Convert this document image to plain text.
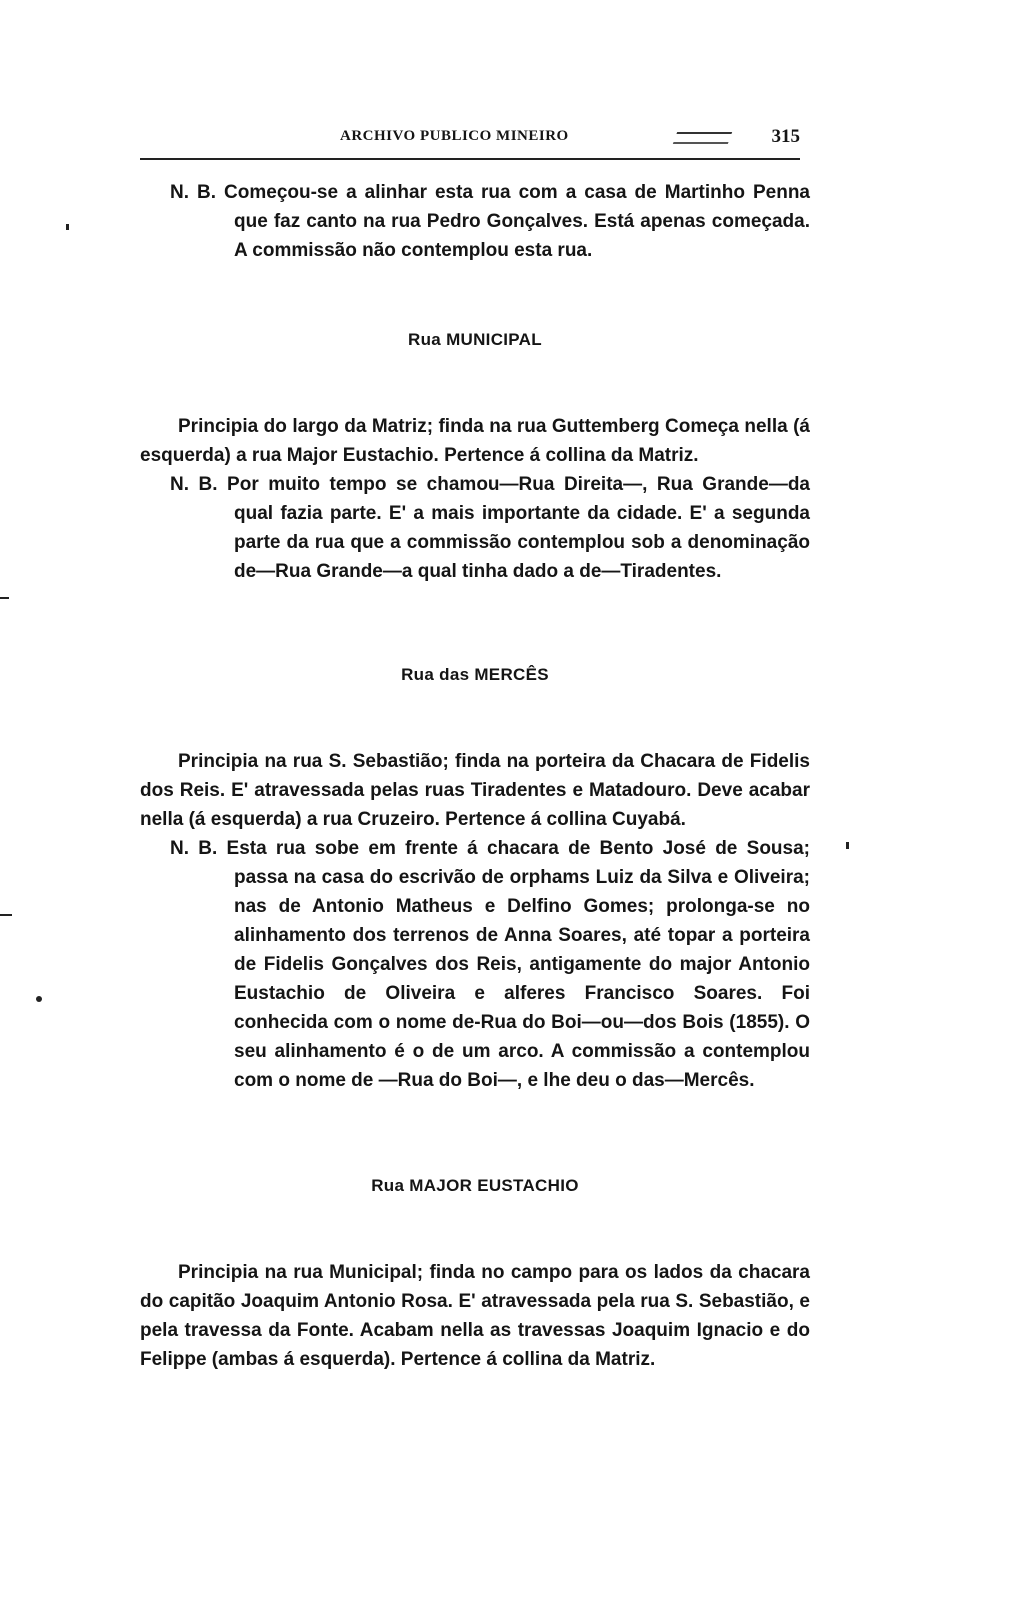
ARCHIVO PUBLICO MINEIRO	315

N. B. Começou-se a alinhar esta rua com a casa de Martinho Penna que faz canto na rua Pedro Gonçalves. Está apenas começada. A commissão não contemplou esta rua.

Rua MUNICIPAL

Principia do largo da Matriz; finda na rua Guttemberg Começa nella (á esquerda) a rua Major Eustachio. Pertence á collina da Matriz.

N. B. Por muito tempo se chamou—Rua Direita—, Rua Grande—da qual fazia parte. E' a mais importante da cidade. E' a segunda parte da rua que a commissão contemplou sob a denominação de—Rua Grande—a qual tinha dado a de—Tiradentes.

Rua das MERCÊS

Principia na rua S. Sebastião; finda na porteira da Chacara de Fidelis dos Reis. E' atravessada pelas ruas Tiradentes e Matadouro. Deve acabar nella (á esquerda) a rua Cruzeiro. Pertence á collina Cuyabá.

N. B. Esta rua sobe em frente á chacara de Bento José de Sousa; passa na casa do escrivão de orphams Luiz da Silva e Oliveira; nas de Antonio Matheus e Delfino Gomes; prolonga-se no alinhamento dos terrenos de Anna Soares, até topar a porteira de Fidelis Gonçalves dos Reis, antigamente do major Antonio Eustachio de Oliveira e alferes Francisco Soares. Foi conhecida com o nome de-Rua do Boi—ou—dos Bois (1855). O seu alinhamento é o de um arco. A commissão a contemplou com o nome de —Rua do Boi—, e lhe deu o das—Mercês.

Rua MAJOR EUSTACHIO

Principia na rua Municipal; finda no campo para os lados da chacara do capitão Joaquim Antonio Rosa. E' atravessada pela rua S. Sebastião, e pela travessa da Fonte. Acabam nella as travessas Joaquim Ignacio e do Felippe (ambas á esquerda). Pertence á collina da Matriz.
